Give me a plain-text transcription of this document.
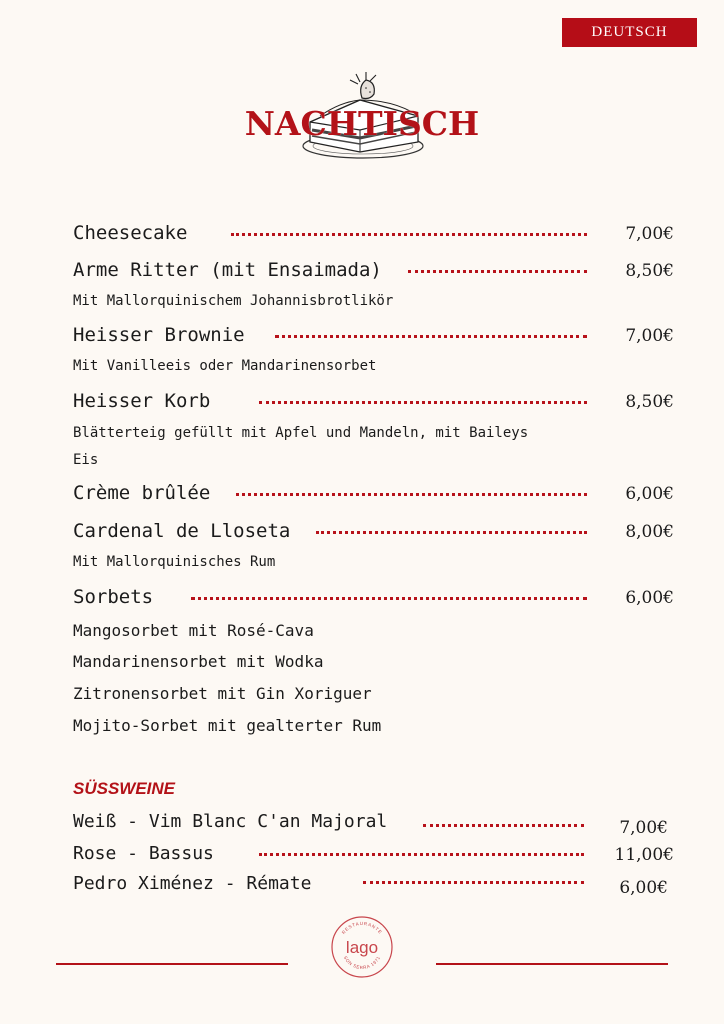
DEUTSCH
NACHTISCH
Cheesecake	7,00€
Arme Ritter (mit Ensaimada)	8,50€
Mit Mallorquinischem Johannisbrotlikör
Heisser Brownie	7,00€
Mit Vanilleeis oder Mandarinensorbet
Heisser Korb	8,50€
Blätterteig gefüllt mit Apfel und Mandeln, mit Baileys
Eis
Crème brûlée	6,00€
Cardenal de Lloseta	8,00€
Mit Mallorquinisches Rum
Sorbets	6,00€
Mangosorbet mit Rosé-Cava
Mandarinensorbet mit Wodka
Zitronensorbet mit Gin Xoriguer
Mojito-Sorbet mit gealterter Rum
SÜSSWEINE
Weiß - Vim Blanc C'an Majoral	7,00€
Rose - Bassus	11,00€
Pedro Ximénez - Rémate	6,00€
RESTAURANTE
SON SERRA 1971
lago
